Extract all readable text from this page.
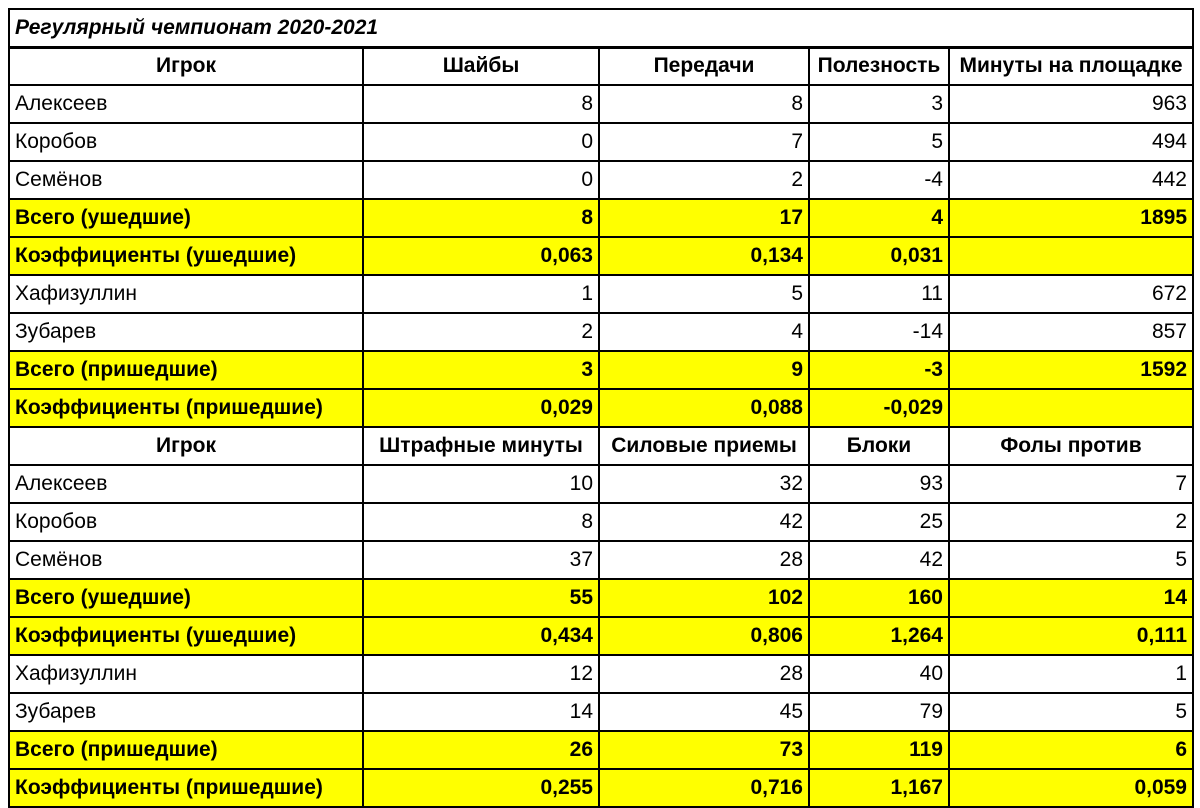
Регулярный чемпионат 2020-2021				
Игрок	Шайбы	Передачи	Полезность	Минуты на площадке
Алексеев	8	8	3	963
Коробов	0	7	5	494
Семёнов	0	2	-4	442
Всего (ушедшие)	8	17	4	1895
Коэффициенты (ушедшие)	0,063	0,134	0,031	
Хафизуллин	1	5	11	672
Зубарев	2	4	-14	857
Всего (пришедшие)	3	9	-3	1592
Коэффициенты (пришедшие)	0,029	0,088	-0,029	
Игрок	Штрафные минуты	Силовые приемы	Блоки	Фолы против
Алексеев	10	32	93	7
Коробов	8	42	25	2
Семёнов	37	28	42	5
Всего (ушедшие)	55	102	160	14
Коэффициенты (ушедшие)	0,434	0,806	1,264	0,111
Хафизуллин	12	28	40	1
Зубарев	14	45	79	5
Всего (пришедшие)	26	73	119	6
Коэффициенты (пришедшие)	0,255	0,716	1,167	0,059
